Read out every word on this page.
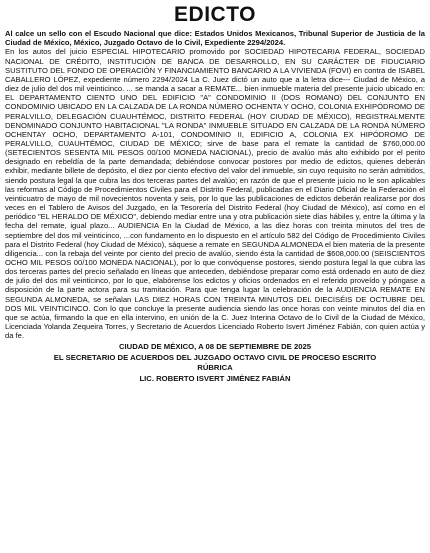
EDICTO

Al calce un sello con el Escudo Nacional que dice: Estados Unidos Mexicanos, Tribunal Superior de Justicia de la Ciudad de México, México, Juzgado Octavo de lo Civil, Expediente 2294/2024.

En los autos del juicio ESPECIAL HIPOTECARIO promovido por SOCIEDAD HIPOTECARIA FEDERAL, SOCIEDAD NACIONAL DE CRÉDITO, INSTITUCIÓN DE BANCA DE DESARROLLO, EN SU CARÁCTER DE FIDUCIARIO SUSTITUTO DEL FONDO DE OPERACIÓN Y FINANCIAMIENTO BANCARIO A LA VIVIENDA (FOVI) en contra de ISABEL CABALLERO LÓPEZ, expediente número 2294/2024 La C. Juez dictó un auto que a la letra dice--- Ciudad de México, a diez de julio del dos mil veinticinco. ... se manda a sacar a REMATE... bien inmueble materia del presente juicio ubicado en: EL DEPARTAMENTO CIENTO UNO DEL EDIFICIO "A" CONDOMINIO II (DOS ROMANO) DEL CONJUNTO EN CONDOMINIO UBICADO EN LA CALZADA DE LA RONDA NÚMERO OCHENTA Y OCHO, COLONIA EXHIPÓDROMO DE PERALVILLO, DELEGACIÓN CUAUHTÉMOC, DISTRITO FEDERAL (HOY CIUDAD DE MÉXICO), REGISTRALMENTE DENOMINADO CONJUNTO HABITACIONAL "LA RONDA" INMUEBLE SITUADO EN CALZADA DE LA RONDA NÚMERO OCHENTAY OCHO, DEPARTAMENTO A-101, CONDOMINIO II, EDIFICIO A, COLONIA EX HIPÓDROMO DE PERALVILLO, CUAUHTÉMOC, CIUDAD DE MÉXICO; sirve de base para el remate la cantidad de $760,000.00 (SETECIENTOS SESENTA MIL PESOS 00/100 MONEDA NACIONAL), precio de avalúo más alto exhibido por el perito designado en rebeldía de la parte demandada; debiéndose convocar postores por medio de edictos, quienes deberán exhibir, mediante billete de depósito, el diez por ciento efectivo del valor del inmueble, sin cuyo requisito no serán admitidos, siendo postura legal la que cubra las dos terceras partes del avalúo; en razón de que el presente juicio no le son aplicables las reformas al Código de Procedimientos Civiles para el Distrito Federal, publicadas en el Diario Oficial de la Federación el veinticuatro de mayo de mil novecientos noventa y seis, por lo que las publicaciones de edictos deberán realizarse por dos veces en el Tablero de Avisos del Juzgado, en la Tesorería del Distrito Federal (hoy Ciudad de México), así como en el periódico "EL HERALDO DE MÉXICO", debiendo mediar entre una y otra publicación siete días hábiles y, entre la última y la fecha del remate, igual plazo... AUDIENCIA En la Ciudad de México, a las diez horas con treinta minutos del tres de septiembre del dos mil veinticinco, ...con fundamento en lo dispuesto en el artículo 582 del Código de Procedimiento Civiles para el Distrito Federal (hoy Ciudad de México), sáquese a remate en SEGUNDA ALMONEDA el bien materia de la presente diligencia... con la rebaja del veinte por ciento del precio de avalúo, siendo ésta la cantidad de $608,000.00 (SEISCIENTOS OCHO MIL PESOS 00/100 MONEDA NACIONAL), por lo que convóquense postores, siendo postura legal la que cubra las dos terceras partes del precio señalado en líneas que anteceden, debiéndose preparar como está ordenado en auto de diez de julio del dos mil veinticinco, por lo que, elabórense los edictos y oficios ordenados en el referido proveído y póngase a disposición de la parte actora para su tramitación. Para que tenga lugar la celebración de la AUDIENCIA REMATE EN SEGUNDA ALMONEDA, se señalan LAS DIEZ HORAS CON TREINTA MINUTOS DEL DIECISÉIS DE OCTUBRE DEL DOS MIL VEINTICINCO. Con lo que concluye la presente audiencia siendo las once horas con veinte minutos del día en que se actúa, firmando la que en ella intervino, en unión de la C. Juez Interina Octavo de lo Civil de la Ciudad de México, Licenciada Yolanda Zequeira Torres, y Secretario de Acuerdos Licenciado Roberto Isvert Jiménez Fabián, con quien actúa y da fe.

CIUDAD DE MÉXICO, A 08 DE SEPTIEMBRE DE 2025

EL SECRETARIO DE ACUERDOS DEL JUZGADO OCTAVO CIVIL DE PROCESO ESCRITO

RÚBRICA

LIC. ROBERTO ISVERT JIMÉNEZ FABIÁN
